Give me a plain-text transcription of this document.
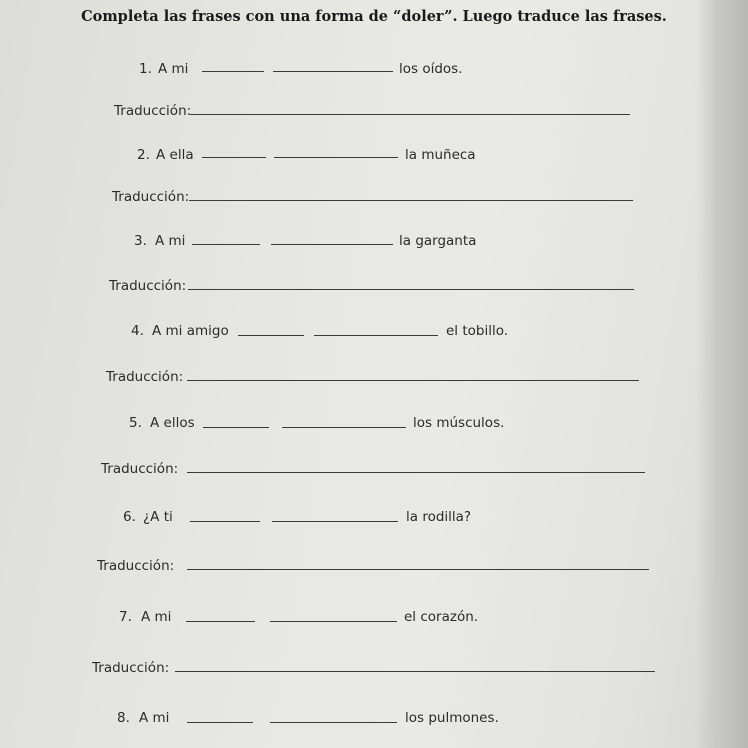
Completa las frases con una forma de “doler”. Luego traduce las frases.
1. A mi	los oídos.
Traducción:
2. A ella	la muñeca
Traducción:
3. A mi	la garganta
Traducción:
4. A mi amigo	el tobillo.
Traducción:
5. A ellos	los músculos.
Traducción:
6. ¿A ti	la rodilla?
Traducción:
7. A mi	el corazón.
Traducción:
8. A mi	los pulmones.
